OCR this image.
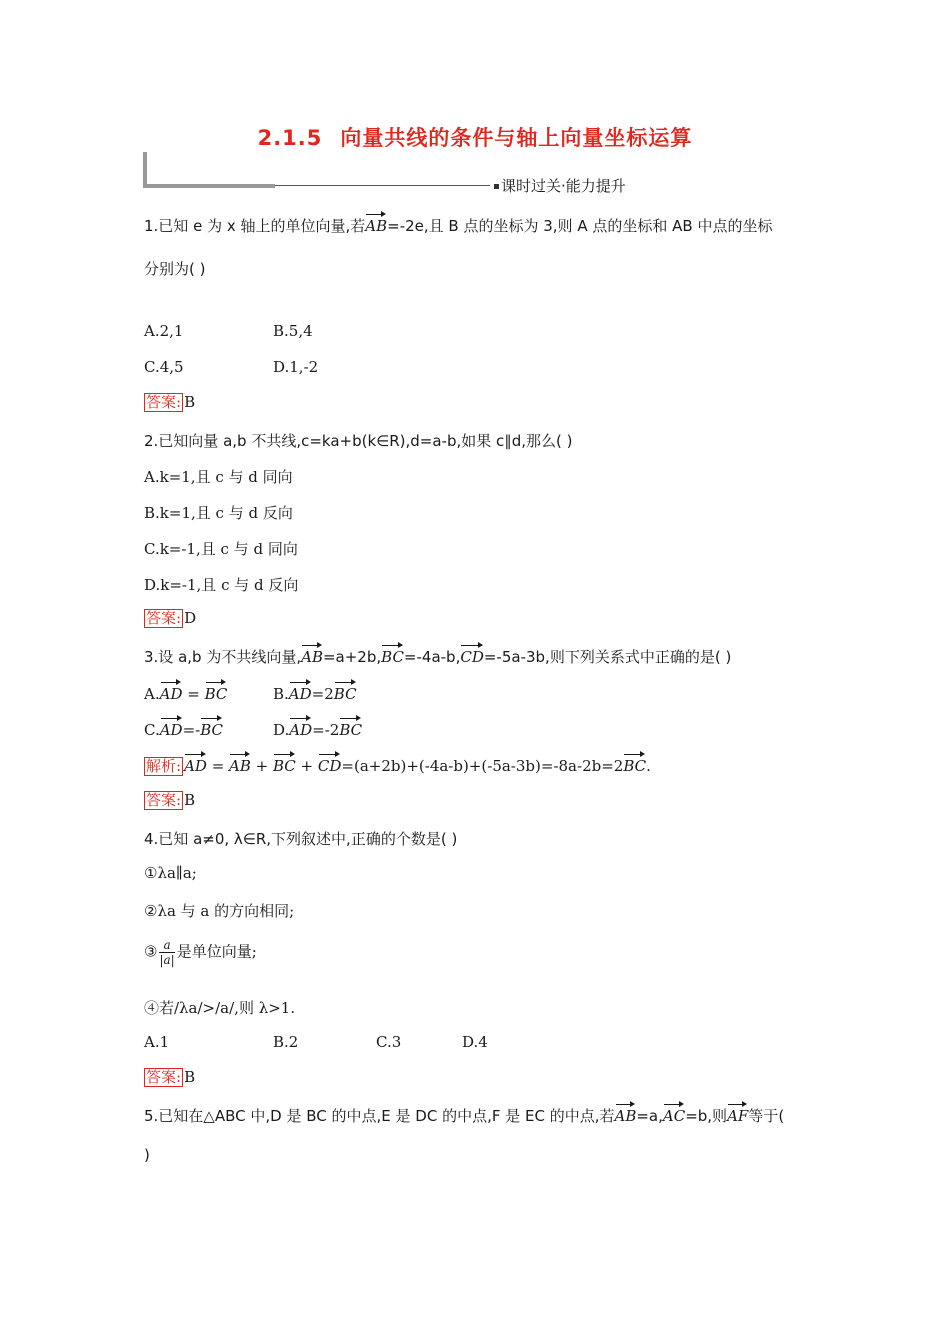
2.1.5 向量共线的条件与轴上向量坐标运算
课时过关·能力提升
1.已知 e 为 x 轴上的单位向量,若AB=-2e,且 B 点的坐标为 3,则 A 点的坐标和 AB 中点的坐标
分别为( )
A.2,1	B.5,4
C.4,5	D.1,-2
答案: B
2.已知向量 a,b 不共线,c=ka+b(k∈R),d=a-b,如果 c∥d,那么( )
A.k=1,且 c 与 d 同向
B.k=1,且 c 与 d 反向
C.k=-1,且 c 与 d 同向
D.k=-1,且 c 与 d 反向
答案: D
3.设 a,b 为不共线向量,AB=a+2b,BC=-4a-b,CD=-5a-3b,则下列关系式中正确的是( )
A.AD = BC	B.AD=2BC
C.AD=-BC	D.AD=-2BC
解析: AD = AB + BC + CD=(a+2b)+(-4a-b)+(-5a-3b)=-8a-2b=2BC.
答案: B
4.已知 a≠0, λ∈R,下列叙述中,正确的个数是( )
①λa∥a;
②λa 与 a 的方向相同;
③ $\frac{a}{|a|}$ 是单位向量;
④若/λa/>/a/,则 λ>1.
A.1	B.2	C.3	D.4
答案: B
5.已知在△ABC 中,D 是 BC 的中点,E 是 DC 的中点,F 是 EC 的中点,若AB=a,AC=b,则AF等于(
)
